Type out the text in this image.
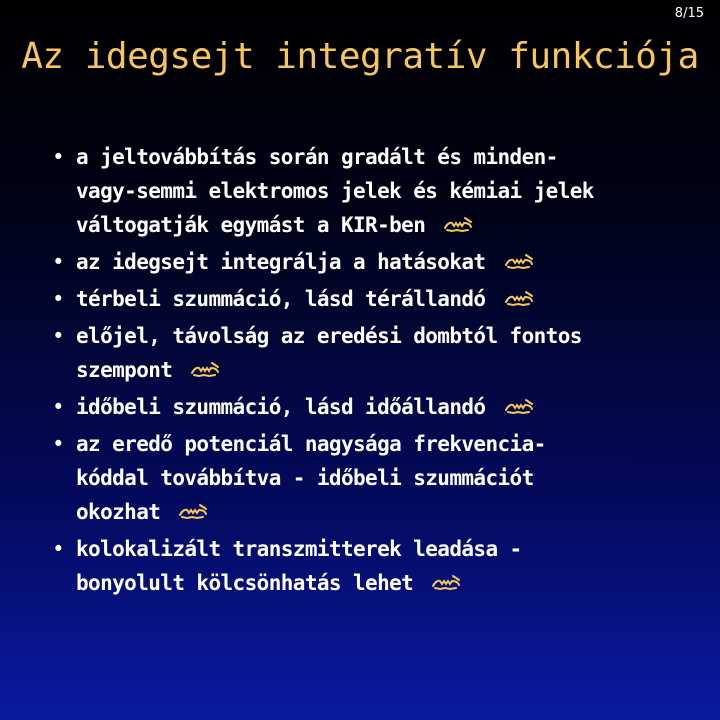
8/15
Az idegsejt integratív funkciója
• a jeltovábbítás során gradált és minden-
vagy-semmi elektromos jelek és kémiai jelek
váltogatják egymást a KIR-ben
• az idegsejt integrálja a hatásokat
• térbeli szummáció, lásd térállandó
• előjel, távolság az eredési dombtól fontos
szempont
• időbeli szummáció, lásd időállandó
• az eredő potenciál nagysága frekvencia-
kóddal továbbítva - időbeli szummációt
okozhat
• kolokalizált transzmitterek leadása -
bonyolult kölcsönhatás lehet
